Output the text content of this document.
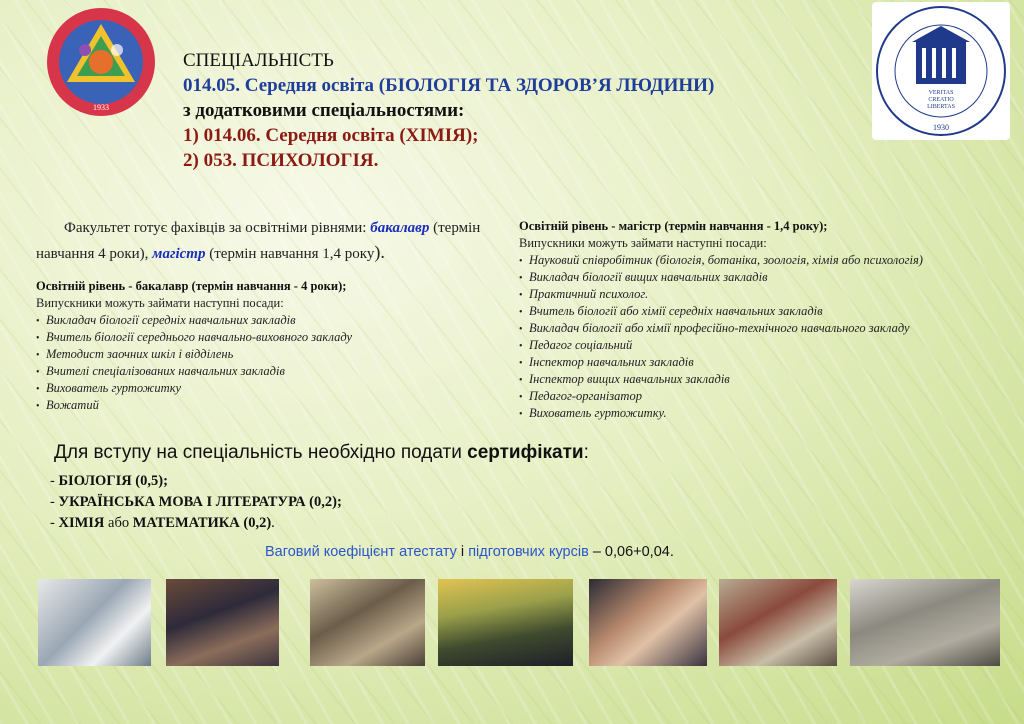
1933
VERITAS
CREATIO
LIBERTAS
1930
СПЕЦІАЛЬНІСТЬ
014.05. Середня освіта (БІОЛОГІЯ ТА ЗДОРОВ’Я ЛЮДИНИ)
з додатковими спеціальностями:
1) 014.06. Середня освіта (ХІМІЯ);
2) 053. ПСИХОЛОГІЯ.
Факультет готує фахівців за освітніми рівнями: бакалавр (термін навчання 4 роки), магістр (термін навчання 1,4 року).
Освітній рівень - бакалавр (термін навчання - 4 роки);
Випускники можуть займати наступні посади:
• Викладач біології середніх навчальних закладів
• Вчитель біології середнього навчально-виховного закладу
• Методист заочних шкіл і відділень
• Вчителі спеціалізованих навчальних закладів
• Вихователь гуртожитку
• Вожатий
Освітній рівень - магістр (термін навчання - 1,4 року);
Випускники можуть займати наступні посади:
• Науковий співробітник (біологія, ботаніка, зоологія, хімія або психологія)
• Викладач біології вищих навчальних закладів
• Практичний психолог.
• Вчитель біології або хімії середніх навчальних закладів
• Викладач біології або хімії професійно-технічного навчального закладу
• Педагог соціальний
• Інспектор навчальних закладів
• Інспектор вищих навчальних закладів
• Педагог-організатор
• Вихователь гуртожитку.
Для вступу на спеціальність необхідно подати сертифікати:
- БІОЛОГІЯ (0,5);
- УКРАЇНСЬКА МОВА І ЛІТЕРАТУРА (0,2);
- ХІМІЯ або МАТЕМАТИКА (0,2).
Ваговий коефіцієнт атестату і підготовчих курсів – 0,06+0,04.
